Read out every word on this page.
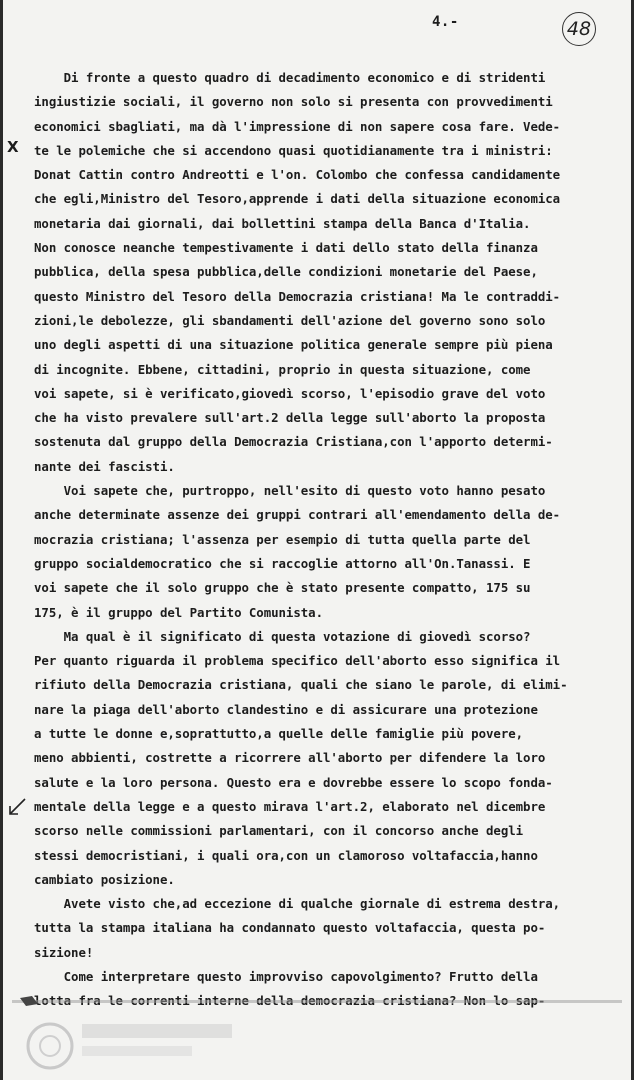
4.-	48
X
Di fronte a questo quadro di decadimento economico e di stridenti
ingiustizie sociali, il governo non solo si presenta con provvedimenti
economici sbagliati, ma dà l'impressione di non sapere cosa fare. Vede-
te le polemiche che si accendono quasi quotidianamente tra i ministri:
Donat Cattin contro Andreotti e l'on. Colombo che confessa candidamente
che egli,Ministro del Tesoro,apprende i dati della situazione economica
monetaria dai giornali, dai bollettini stampa della Banca d'Italia.
Non conosce neanche tempestivamente i dati dello stato della finanza
pubblica, della spesa pubblica,delle condizioni monetarie del Paese,
questo Ministro del Tesoro della Democrazia cristiana! Ma le contraddi-
zioni,le debolezze, gli sbandamenti dell'azione del governo sono solo
uno degli aspetti di una situazione politica generale sempre più piena
di incognite. Ebbene, cittadini, proprio in questa situazione, come
voi sapete, si è verificato,giovedì scorso, l'episodio grave del voto
che ha visto prevalere sull'art.2 della legge sull'aborto la proposta
sostenuta dal gruppo della Democrazia Cristiana,con l'apporto determi-
nante dei fascisti.
Voi sapete che, purtroppo, nell'esito di questo voto hanno pesato
anche determinate assenze dei gruppi contrari all'emendamento della de-
mocrazia cristiana; l'assenza per esempio di tutta quella parte del
gruppo socialdemocratico che si raccoglie attorno all'On.Tanassi. E
voi sapete che il solo gruppo che è stato presente compatto, 175 su
175, è il gruppo del Partito Comunista.
Ma qual è il significato di questa votazione di giovedì scorso?
Per quanto riguarda il problema specifico dell'aborto esso significa il
rifiuto della Democrazia cristiana, quali che siano le parole, di elimi-
nare la piaga dell'aborto clandestino e di assicurare una protezione
a tutte le donne e,soprattutto,a quelle delle famiglie più povere,
meno abbienti, costrette a ricorrere all'aborto per difendere la loro
salute e la loro persona. Questo era e dovrebbe essere lo scopo fonda-
mentale della legge e a questo mirava l'art.2, elaborato nel dicembre
scorso nelle commissioni parlamentari, con il concorso anche degli
stessi democristiani, i quali ora,con un clamoroso voltafaccia,hanno
cambiato posizione.
Avete visto che,ad eccezione di qualche giornale di estrema destra,
tutta la stampa italiana ha condannato questo voltafaccia, questa po-
sizione!
Come interpretare questo improvviso capovolgimento? Frutto della
